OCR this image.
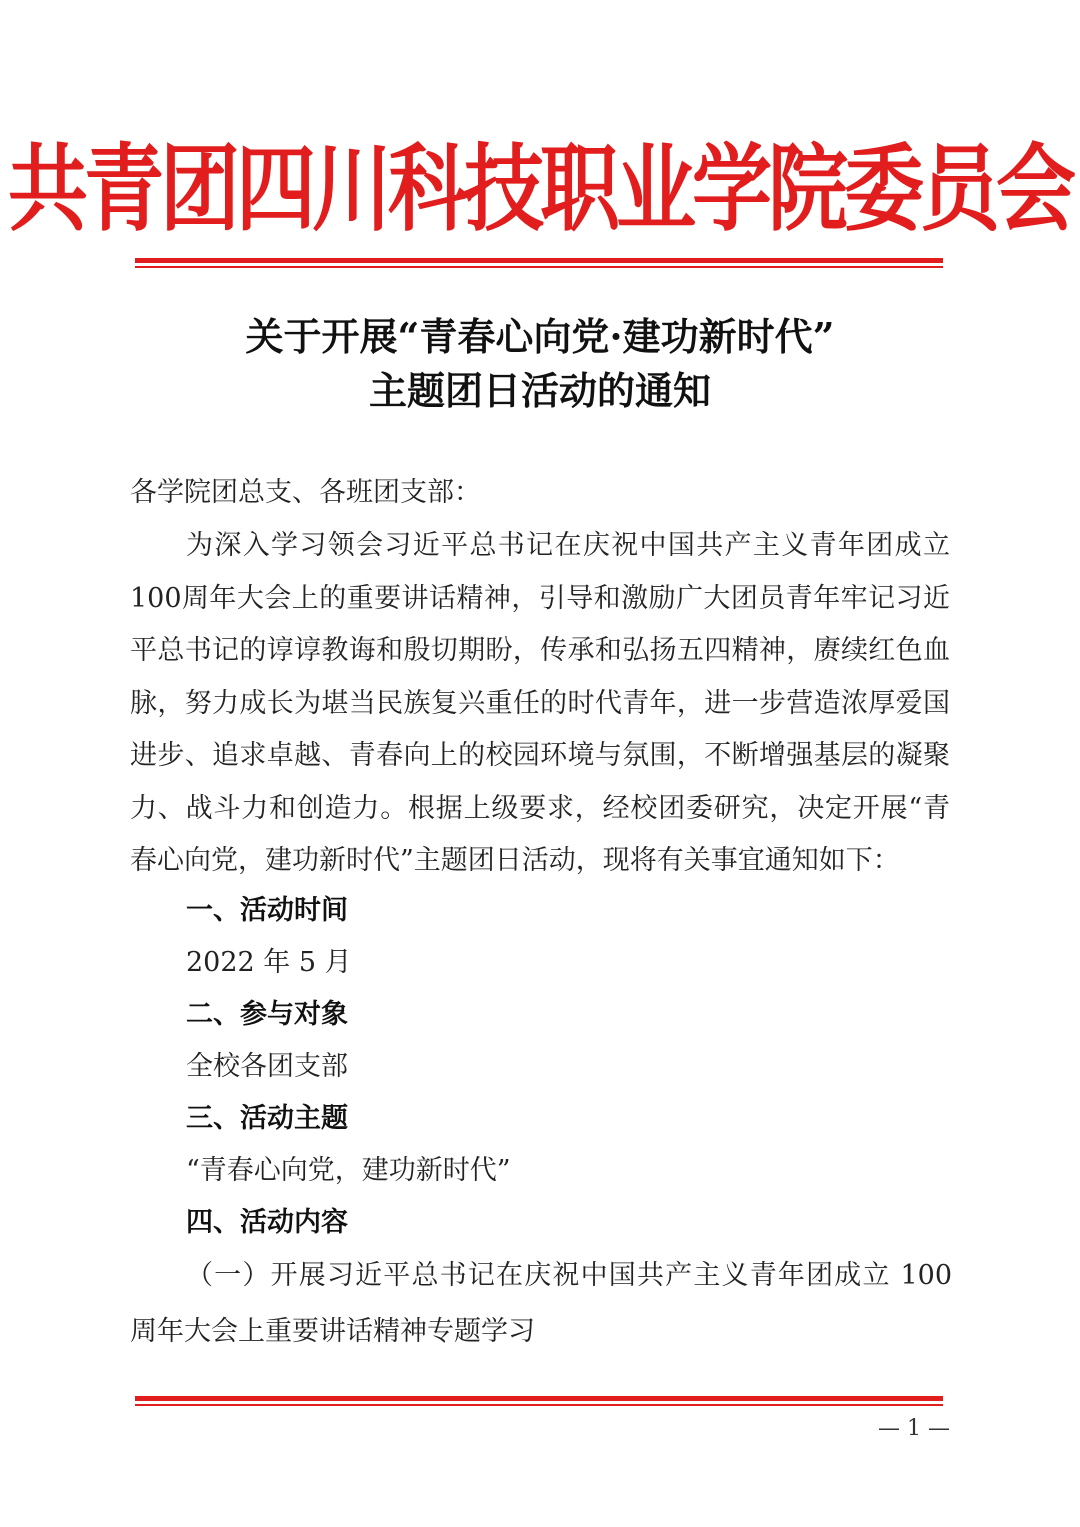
共青团四川科技职业学院委员会
关于开展“青春心向党·建功新时代”
主题团日活动的通知
各学院团总支、各班团支部：

为深入学习领会习近平总书记在庆祝中国共产主义青年团成立100周年大会上的重要讲话精神，引导和激励广大团员青年牢记习近平总书记的谆谆教诲和殷切期盼，传承和弘扬五四精神，赓续红色血脉，努力成长为堪当民族复兴重任的时代青年，进一步营造浓厚爱国进步、追求卓越、青春向上的校园环境与氛围，不断增强基层的凝聚力、战斗力和创造力。根据上级要求，经校团委研究，决定开展“青春心向党，建功新时代”主题团日活动，现将有关事宜通知如下：

一、活动时间
2022 年 5 月
二、参与对象
全校各团支部
三、活动主题
“青春心向党，建功新时代”
四、活动内容

（一）开展习近平总书记在庆祝中国共产主义青年团成立 100 周年大会上重要讲话精神专题学习

— 1 —
